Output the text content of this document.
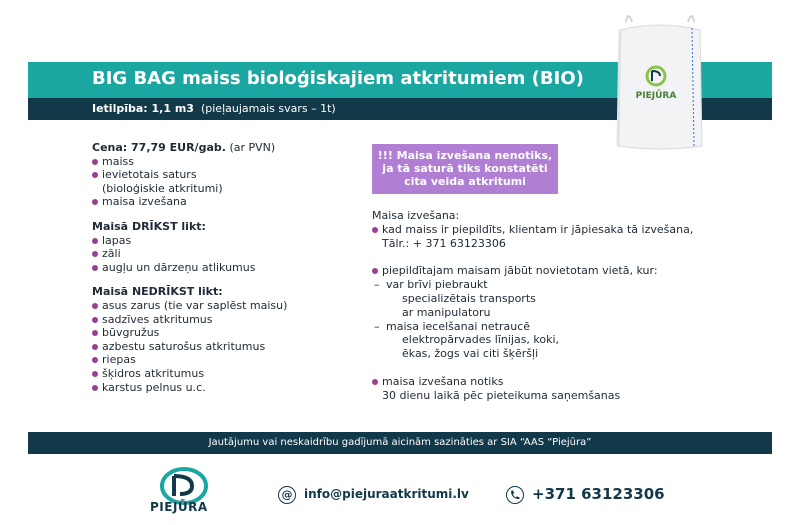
BIG BAG maiss bioloģiskajiem atkritumiem (BIO)
Ietilpība: 1,1 m3 (pieļaujamais svars – 1t)
PIEJŪRA
Cena: 77,79 EUR/gab. (ar PVN)
maiss
ievietotais saturs
(bioloģiskie atkritumi)
maisa izvešana
Maisā DRĪKST likt:
lapas
zāli
augļu un dārzeņu atlikumus
Maisā NEDRĪKST likt:
asus zarus (tie var saplēst maisu)
sadzīves atkritumus
būvgružus
azbestu saturošus atkritumus
riepas
šķidros atkritumus
karstus pelnus u.c.
!!! Maisa izvešana nenotiks,
ja tā saturā tiks konstatēti
cita veida atkritumi
Maisa izvešana:
kad maiss ir piepildīts, klientam ir jāpiesaka tā izvešana,
Tālr.: + 371 63123306
piepildītajam maisam jābūt novietotam vietā, kur:
– var brīvi piebraukt
specializētais transports
ar manipulatoru
– maisa iecelšanai netraucē
elektropārvades līnijas, koki,
ēkas, žogs vai citi šķēršļi
maisa izvešana notiks
30 dienu laikā pēc pieteikuma saņemšanas
Jautājumu vai neskaidrību gadījumā aicinām sazināties ar SIA “AAS “Piejūra”
PIEJŪRA
@ info@piejuraatkritumi.lv	+371 63123306
